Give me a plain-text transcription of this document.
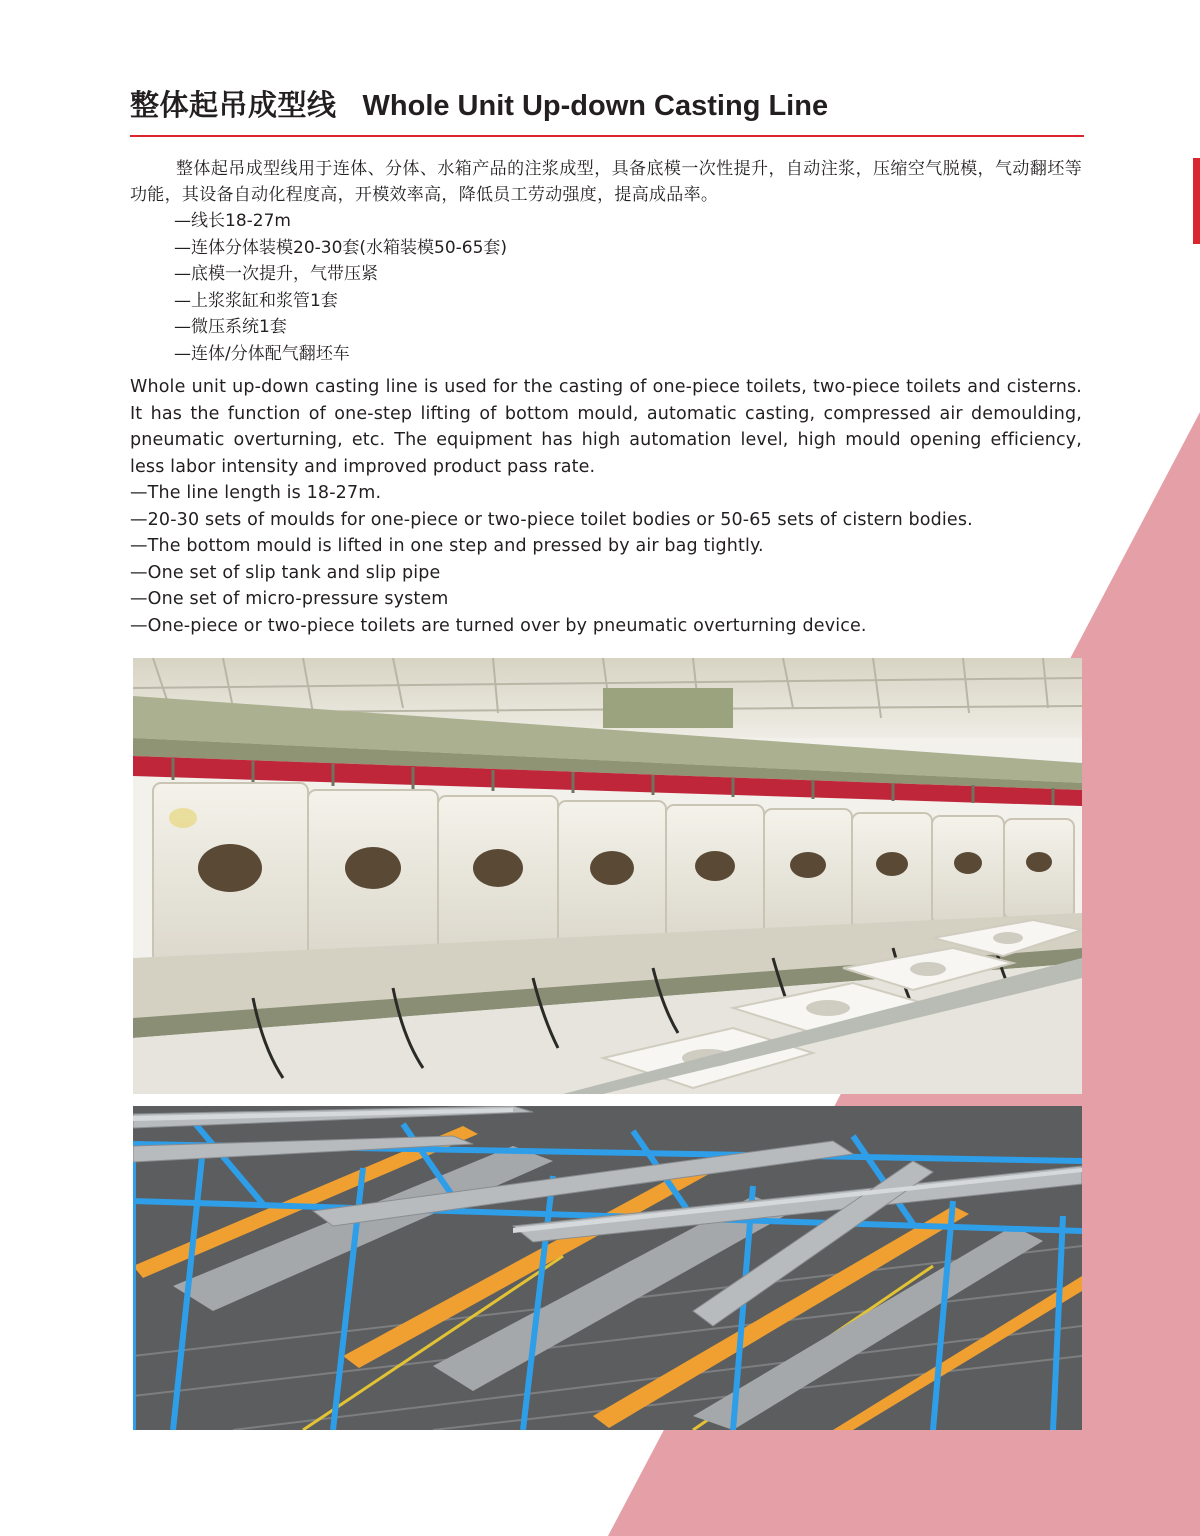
整体起吊成型线 Whole Unit Up-down Casting Line

整体起吊成型线用于连体、分体、水箱产品的注浆成型，具备底模一次性提升，自动注浆，压缩空气脱模，气动翻坯等功能，其设备自动化程度高，开模效率高，降低员工劳动强度，提高成品率。

—线长18-27m
—连体分体装模20-30套(水箱装模50-65套)
—底模一次提升，气带压紧
—上浆浆缸和浆管1套
—微压系统1套
—连体/分体配气翻坯车

Whole unit up-down casting line is used for the casting of one-piece toilets, two-piece toilets and cisterns. It has the function of one-step lifting of bottom mould, automatic casting, compressed air demoulding, pneumatic overturning, etc. The equipment has high automation level, high mould opening efficiency, less labor intensity and improved product pass rate.

—The line length is 18-27m.
—20-30 sets of moulds for one-piece or two-piece toilet bodies or 50-65 sets of cistern bodies.
—The bottom mould is lifted in one step and pressed by air bag tightly.
—One set of slip tank and slip pipe
—One set of micro-pressure system
—One-piece or two-piece toilets are turned over by pneumatic overturning device.
